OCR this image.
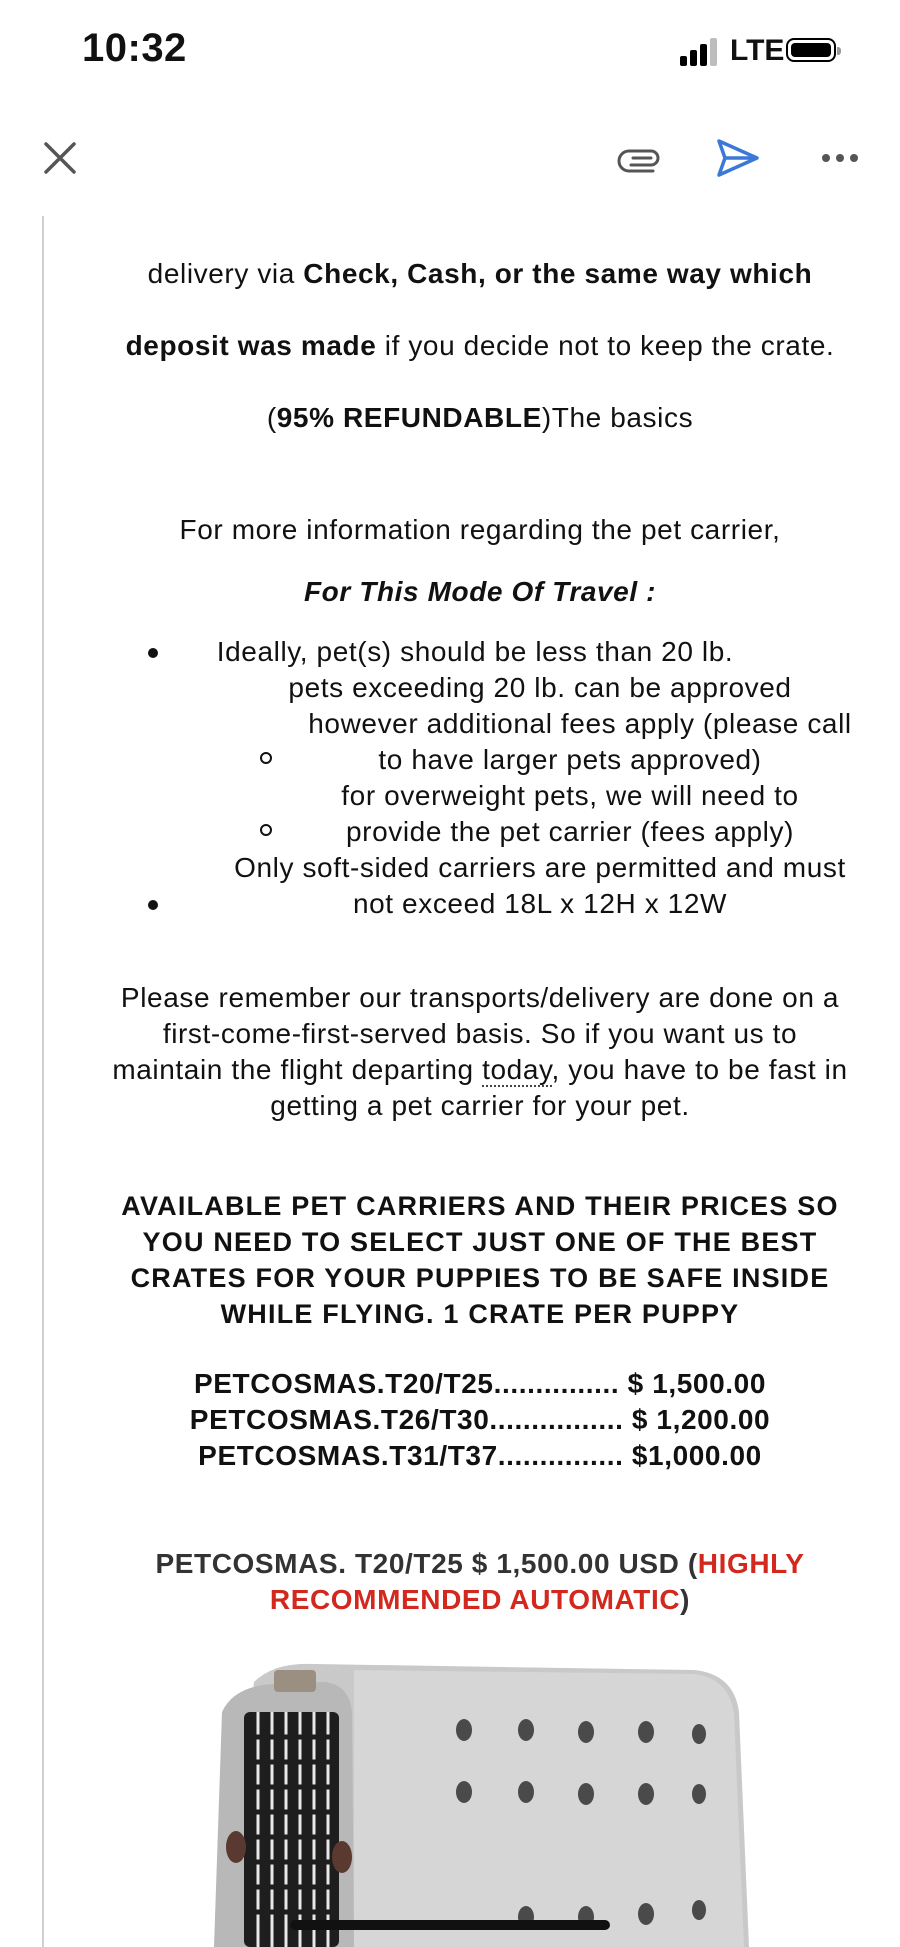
10:32	LTE
delivery via Check, Cash, or the same way which
deposit was made if you decide not to keep the crate.
(95% REFUNDABLE)The basics
For more information regarding the pet carrier,
For This Mode Of Travel :
Ideally, pet(s) should be less than 20 lb.
pets exceeding 20 lb. can be approved
however additional fees apply (please call
to have larger pets approved)
for overweight pets, we will need to
provide the pet carrier (fees apply)
Only soft-sided carriers are permitted and must
not exceed 18L x 12H x 12W
Please remember our transports/delivery are done on a
first-come-first-served basis. So if you want us to
maintain the flight departing today, you have to be fast in
getting a pet carrier for your pet.
AVAILABLE PET CARRIERS AND THEIR PRICES SO
YOU NEED TO SELECT JUST ONE OF THE BEST
CRATES FOR YOUR PUPPIES TO BE SAFE INSIDE
WHILE FLYING. 1 CRATE PER PUPPY
PETCOSMAS.T20/T25............... $ 1,500.00
PETCOSMAS.T26/T30................ $ 1,200.00
PETCOSMAS.T31/T37............... $1,000.00
PETCOSMAS. T20/T25 $ 1,500.00 USD (HIGHLY
RECOMMENDED AUTOMATIC)
